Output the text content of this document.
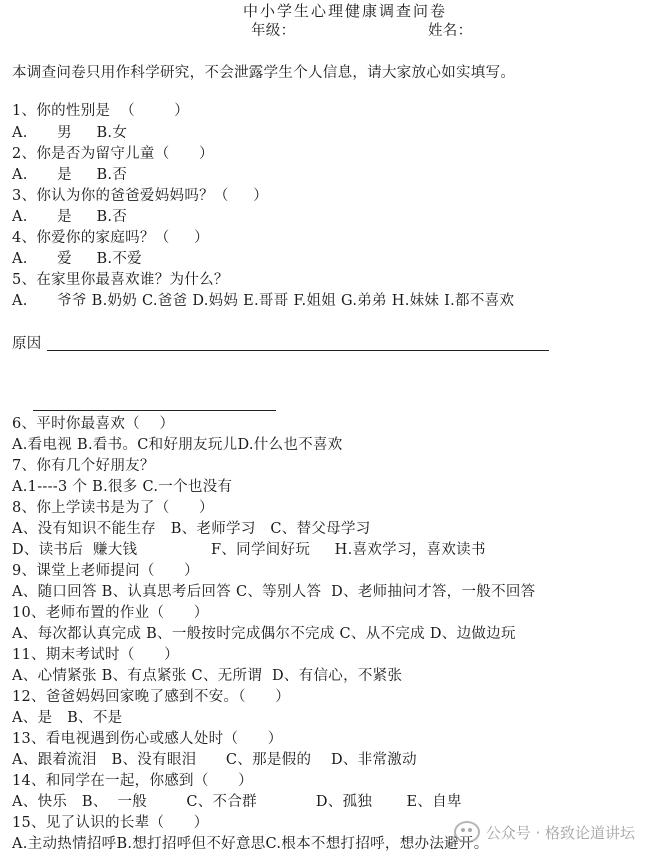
中小学生心理健康调查问卷
年级：	姓名：
本调查问卷只用作科学研究，不会泄露学生个人信息，请大家放心如实填写。
1、你的性别是  （        ）
A.      男     B.女
2、你是否为留守儿童（      ）
A.      是     B.否
3、你认为你的爸爸爱妈妈吗？（     ）
A.      是     B.否
4、你爱你的家庭吗？（     ）
A.      爱     B.不爱
5、在家里你最喜欢谁？为什么？
A.      爷爷 B.奶奶 C.爸爸 D.妈妈 E.哥哥 F.姐姐 G.弟弟 H.妹妹 I.都不喜欢
原因
6、平时你最喜欢（    ）
A.看电视 B.看书。C和好朋友玩儿D.什么也不喜欢
7、你有几个好朋友？
A.1----3 个 B.很多 C.一个也没有
8、你上学读书是为了（      ）
A、没有知识不能生存   B、老师学习   C、替父母学习
D、读书后  赚大钱               F、同学间好玩     H.喜欢学习，喜欢读书
9、课堂上老师提问（      ）
A、随口回答 B、认真思考后回答 C、等别人答  D、老师抽问才答，一般不回答
10、老师布置的作业（      ）
A、每次都认真完成 B、一般按时完成偶尔不完成 C、从不完成 D、边做边玩
11、期末考试时（      ）
A、心情紧张 B、有点紧张 C、无所谓  D、有信心，不紧张
12、爸爸妈妈回家晚了感到不安。（      ）
A、是   B、不是
13、看电视遇到伤心或感人处时（      ）
A、跟着流泪   B、没有眼泪      C、那是假的    D、非常激动
14、和同学在一起，你感到（      ）
A、快乐   B、  一般        C、不合群            D、孤独       E、自卑
15、见了认识的长辈（      ）
A.主动热情招呼B.想打招呼但不好意思C.根本不想打招呼，想办法避开。
公众号 · 格致论道讲坛
